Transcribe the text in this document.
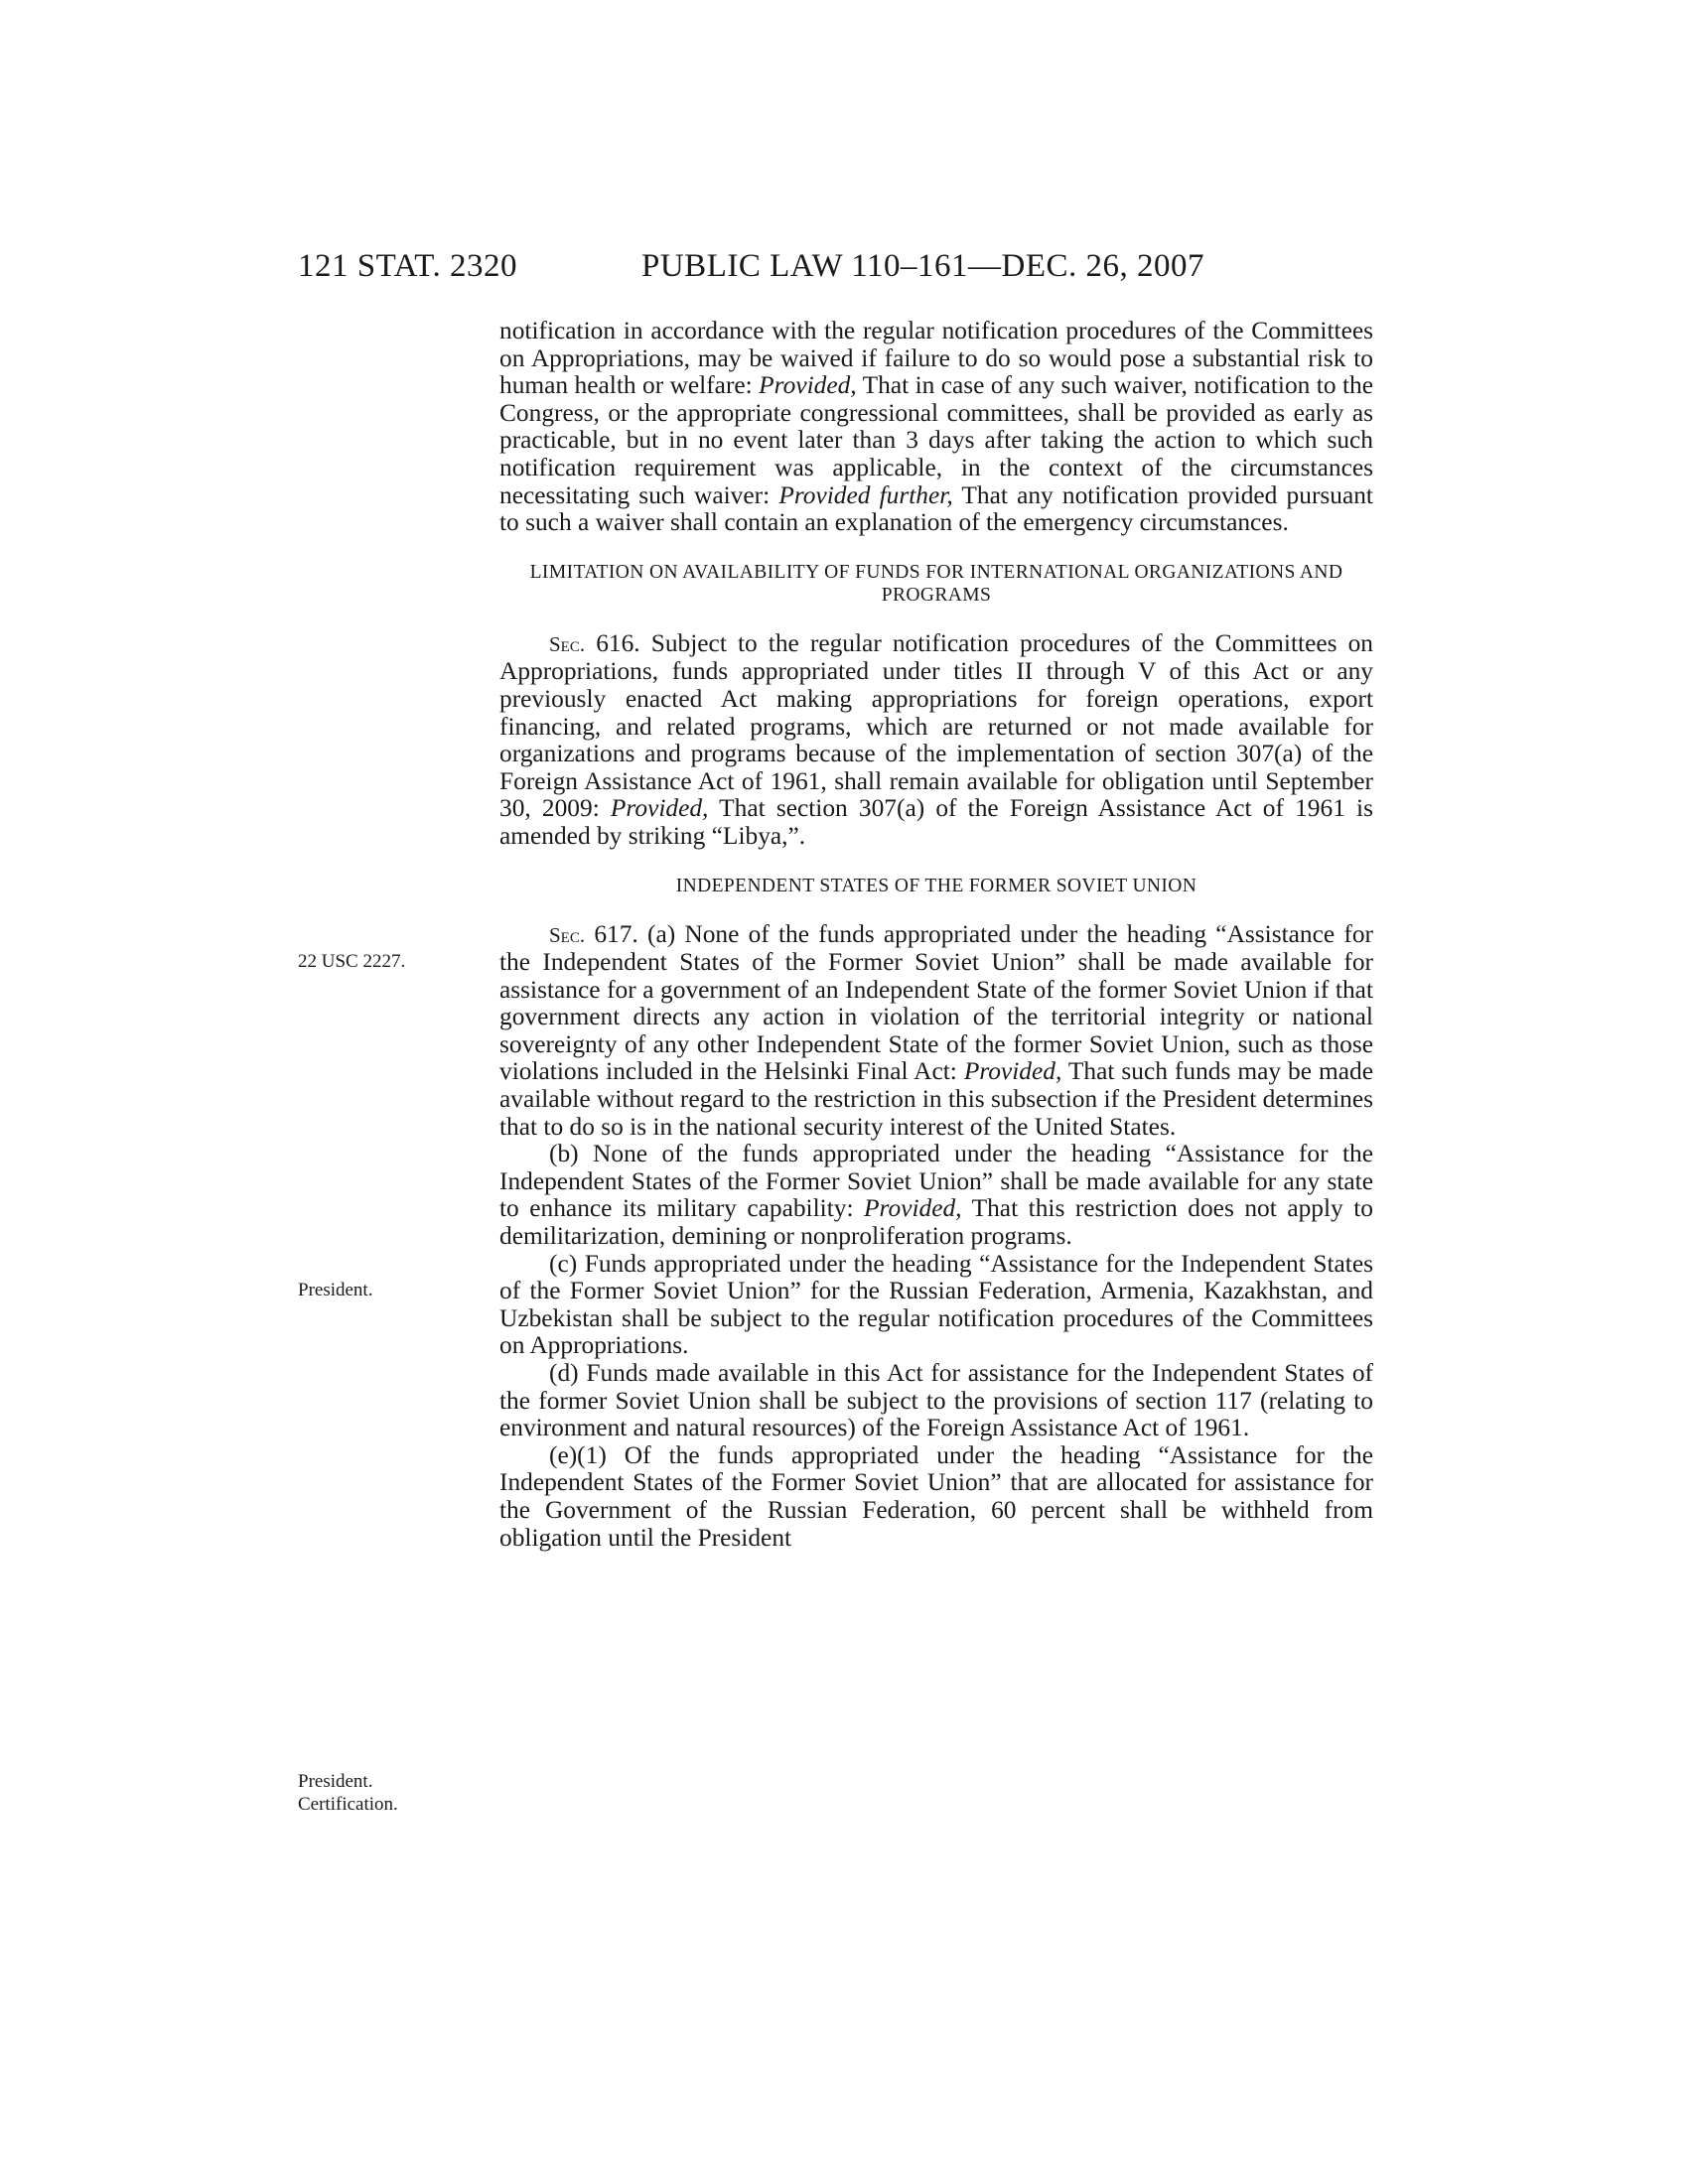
121 STAT. 2320	PUBLIC LAW 110–161—DEC. 26, 2007
22 USC 2227.
President.
President.
Certification.

notification in accordance with the regular notification procedures of the Committees on Appropriations, may be waived if failure to do so would pose a substantial risk to human health or welfare: Provided, That in case of any such waiver, notification to the Congress, or the appropriate congressional committees, shall be provided as early as practicable, but in no event later than 3 days after taking the action to which such notification requirement was applicable, in the context of the circumstances necessitating such waiver: Provided further, That any notification provided pursuant to such a waiver shall contain an explanation of the emergency circumstances.

LIMITATION ON AVAILABILITY OF FUNDS FOR INTERNATIONAL ORGANIZATIONS AND PROGRAMS

Sec. 616. Subject to the regular notification procedures of the Committees on Appropriations, funds appropriated under titles II through V of this Act or any previously enacted Act making appropriations for foreign operations, export financing, and related programs, which are returned or not made available for organizations and programs because of the implementation of section 307(a) of the Foreign Assistance Act of 1961, shall remain available for obligation until September 30, 2009: Provided, That section 307(a) of the Foreign Assistance Act of 1961 is amended by striking “Libya,”.

INDEPENDENT STATES OF THE FORMER SOVIET UNION

Sec. 617. (a) None of the funds appropriated under the heading “Assistance for the Independent States of the Former Soviet Union” shall be made available for assistance for a government of an Independent State of the former Soviet Union if that government directs any action in violation of the territorial integrity or national sovereignty of any other Independent State of the former Soviet Union, such as those violations included in the Helsinki Final Act: Provided, That such funds may be made available without regard to the restriction in this subsection if the President determines that to do so is in the national security interest of the United States.

(b) None of the funds appropriated under the heading “Assistance for the Independent States of the Former Soviet Union” shall be made available for any state to enhance its military capability: Provided, That this restriction does not apply to demilitarization, demining or nonproliferation programs.

(c) Funds appropriated under the heading “Assistance for the Independent States of the Former Soviet Union” for the Russian Federation, Armenia, Kazakhstan, and Uzbekistan shall be subject to the regular notification procedures of the Committees on Appropriations.

(d) Funds made available in this Act for assistance for the Independent States of the former Soviet Union shall be subject to the provisions of section 117 (relating to environment and natural resources) of the Foreign Assistance Act of 1961.

(e)(1) Of the funds appropriated under the heading “Assistance for the Independent States of the Former Soviet Union” that are allocated for assistance for the Government of the Russian Federation, 60 percent shall be withheld from obligation until the President
